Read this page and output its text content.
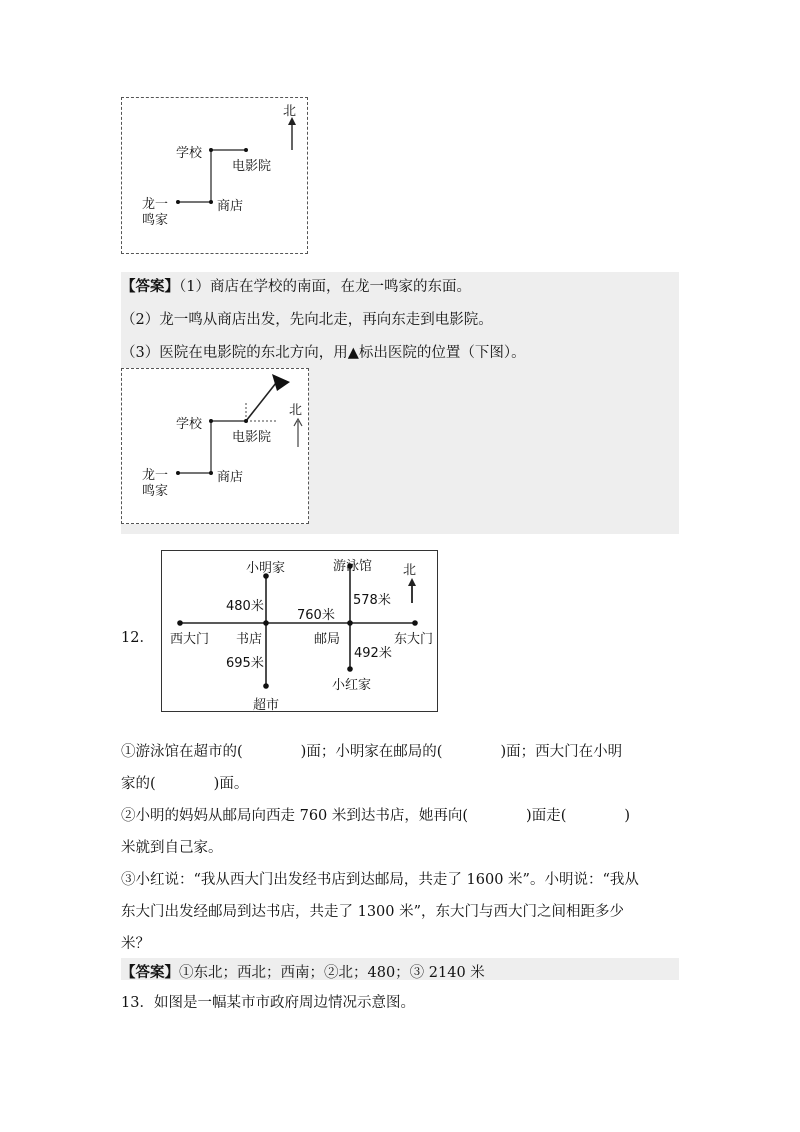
北
学校
电影院
商店
龙一
鸣家
【答案】（1）商店在学校的南面，在龙一鸣家的东面。
（2）龙一鸣从商店出发，先向北走，再向东走到电影院。
（3）医院在电影院的东北方向，用▲标出医院的位置（下图）。
北
学校
电影院
商店
龙一
鸣家
12．
北
小明家	游泳馆
480米
760米
578米
西大门 书店	邮局	东大门
695米
492米
小红家
超市
①游泳馆在超市的(　　　　)面；小明家在邮局的(　　　　)面；西大门在小明
家的(　　　　)面。
②小明的妈妈从邮局向西走 760 米到达书店，她再向(　　　　)面走(　　　　)
米就到自己家。
③小红说：“我从西大门出发经书店到达邮局，共走了 1600 米”。小明说：“我从
东大门出发经邮局到达书店，共走了 1300 米”，东大门与西大门之间相距多少
米？
【答案】①东北；西北；西南；②北；480；③ 2140 米
13．如图是一幅某市市政府周边情况示意图。
